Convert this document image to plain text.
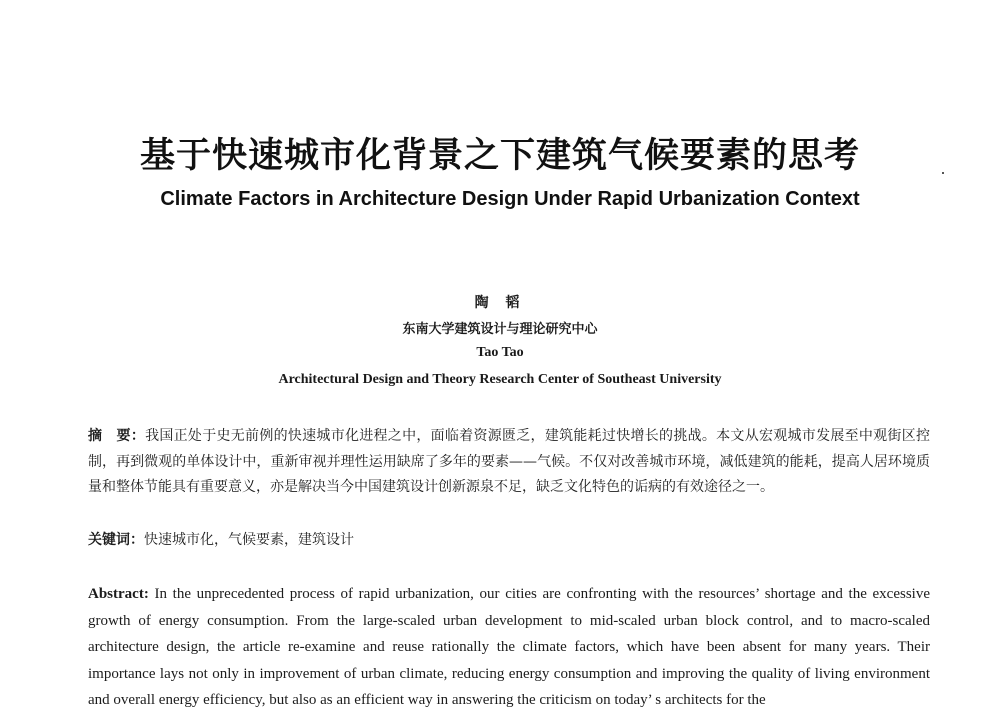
基于快速城市化背景之下建筑气候要素的思考
Climate Factors in Architecture Design Under Rapid Urbanization Context
陶 韬
东南大学建筑设计与理论研究中心
Tao Tao
Architectural Design and Theory Research Center of Southeast University
摘　要：我国正处于史无前例的快速城市化进程之中，面临着资源匮乏，建筑能耗过快增长的挑战。本文从宏观城市发展至中观街区控制，再到微观的单体设计中，重新审视并理性运用缺席了多年的要素——气候。不仅对改善城市环境，减低建筑的能耗，提高人居环境质量和整体节能具有重要意义，亦是解决当今中国建筑设计创新源泉不足，缺乏文化特色的诟病的有效途径之一。
关键词：快速城市化，气候要素，建筑设计
Abstract: In the unprecedented process of rapid urbanization, our cities are confronting with the resources’ shortage and the excessive growth of energy consumption. From the large-scaled urban development to mid-scaled urban block control, and to macro-scaled architecture design, the article re-examine and reuse rationally the climate factors, which have been absent for many years. Their importance lays not only in improvement of urban climate, reducing energy consumption and improving the quality of living environment and overall energy efficiency, but also as an efficient way in answering the criticism on today’ s architects for the
